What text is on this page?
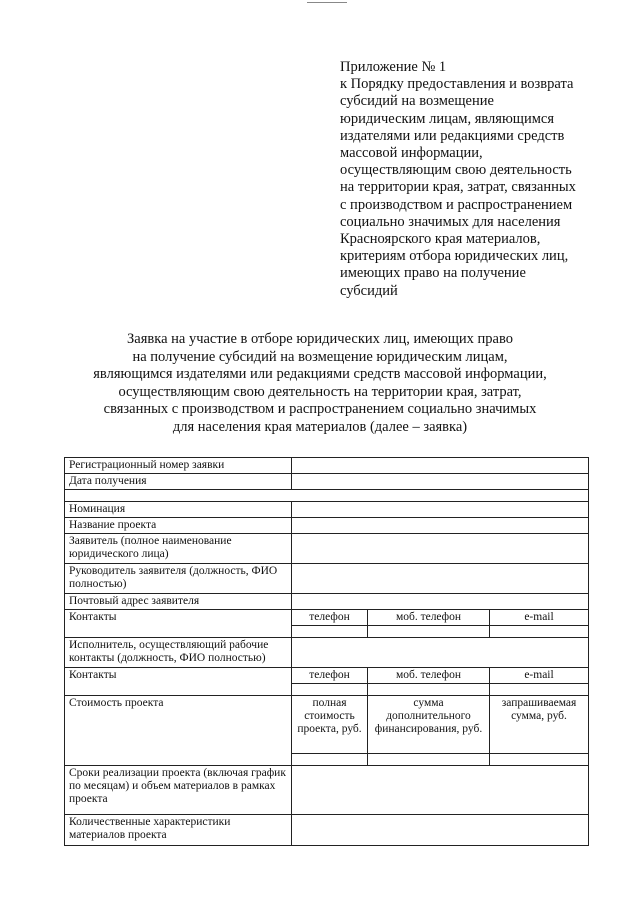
Приложение № 1
к Порядку предоставления и возврата
субсидий на возмещение
юридическим лицам, являющимся
издателями или редакциями средств
массовой информации,
осуществляющим свою деятельность
на территории края, затрат, связанных
с производством и распространением
социально значимых для населения
Красноярского края материалов,
критериям отбора юридических лиц,
имеющих право на получение
субсидий
Заявка на участие в отборе юридических лиц, имеющих право
на получение субсидий на возмещение юридическим лицам,
являющимся издателями или редакциями средств массовой информации,
осуществляющим свою деятельность на территории края, затрат,
связанных с производством и распространением социально значимых
для населения края материалов (далее – заявка)
Регистрационный номер заявки			
Дата получения			

Номинация			
Название проекта			
Заявитель (полное наименование юридического лица)			
Руководитель заявителя (должность, ФИО полностью)			
Почтовый адрес заявителя			
Контакты	телефон	моб. телефон	e-mail

Исполнитель, осуществляющий рабочие контакты (должность, ФИО полностью)			
Контакты	телефон	моб. телефон	e-mail

Стоимость проекта	полная стоимость проекта, руб.	сумма дополнительного финансирования, руб.	запрашиваемая сумма, руб.

Сроки реализации проекта (включая график по месяцам) и объем материалов в рамках проекта			
Количественные характеристики материалов проекта			
